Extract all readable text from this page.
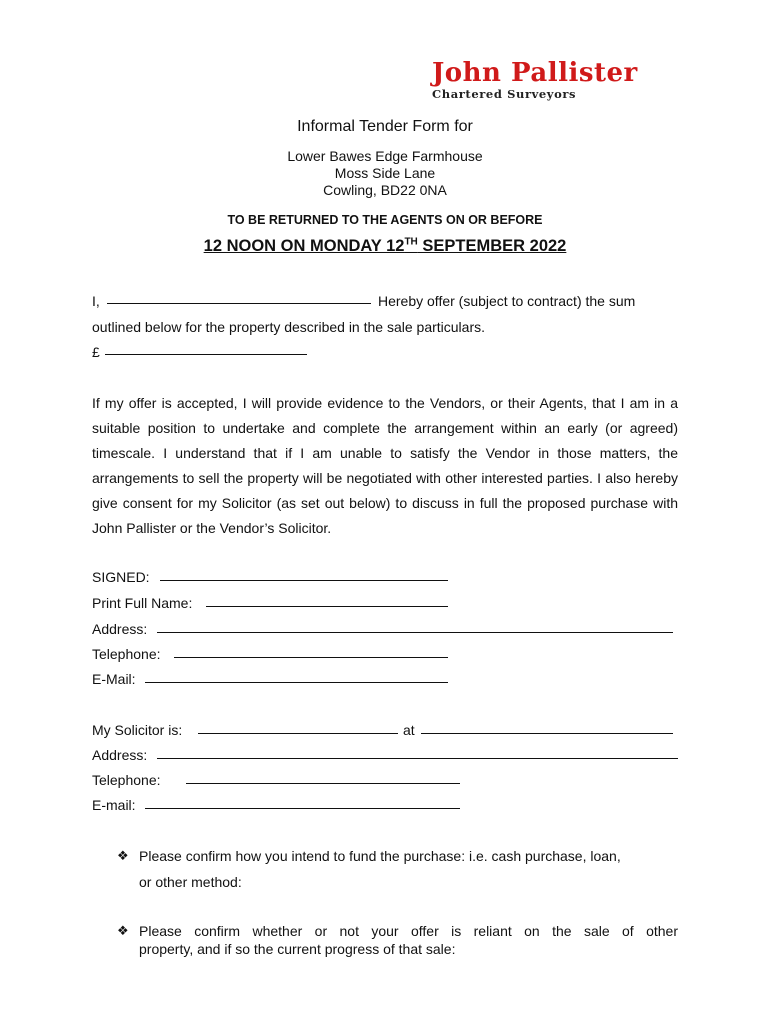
John Pallister
Chartered Surveyors
Informal Tender Form for
Lower Bawes Edge Farmhouse
Moss Side Lane
Cowling, BD22 0NA
TO BE RETURNED TO THE AGENTS ON OR BEFORE
12 NOON ON MONDAY 12TH SEPTEMBER 2022
I,	Hereby offer (subject to contract) the sum
outlined below for the property described in the sale particulars.
£
If my offer is accepted, I will provide evidence to the Vendors, or their Agents, that I am in a suitable position to undertake and complete the arrangement within an early (or agreed) timescale. I understand that if I am unable to satisfy the Vendor in those matters, the arrangements to sell the property will be negotiated with other interested parties. I also hereby give consent for my Solicitor (as set out below) to discuss in full the proposed purchase with John Pallister or the Vendor’s Solicitor.
SIGNED:
Print Full Name:
Address:
Telephone:
E-Mail:
My Solicitor is:	at
Address:
Telephone:
E-mail:
❖ Please confirm how you intend to fund the purchase: i.e. cash purchase, loan,
or other method:
❖ Please confirm whether or not your offer is reliant on the sale of other
property, and if so the current progress of that sale:
